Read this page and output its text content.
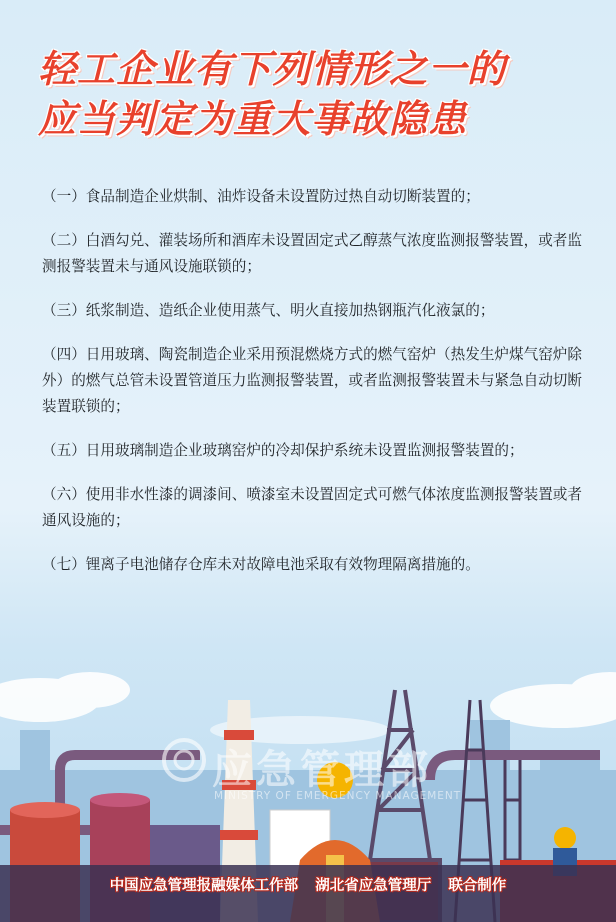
轻工企业有下列情形之一的
应当判定为重大事故隐患
（一）食品制造企业烘制、油炸设备未设置防过热自动切断装置的；
（二）白酒勾兑、灌装场所和酒库未设置固定式乙醇蒸气浓度监测报警装置，或者监测报警装置未与通风设施联锁的；
（三）纸浆制造、造纸企业使用蒸气、明火直接加热钢瓶汽化液氯的；
（四）日用玻璃、陶瓷制造企业采用预混燃烧方式的燃气窑炉（热发生炉煤气窑炉除外）的燃气总管未设置管道压力监测报警装置，或者监测报警装置未与紧急自动切断装置联锁的；
（五）日用玻璃制造企业玻璃窑炉的冷却保护系统未设置监测报警装置的；
（六）使用非水性漆的调漆间、喷漆室未设置固定式可燃气体浓度监测报警装置或者通风设施的；
（七）锂离子电池储存仓库未对故障电池采取有效物理隔离措施的。
应急管理部
MINISTRY OF EMERGENCY MANAGEMENT
中国应急管理报融媒体工作部 湖北省应急管理厅 联合制作
